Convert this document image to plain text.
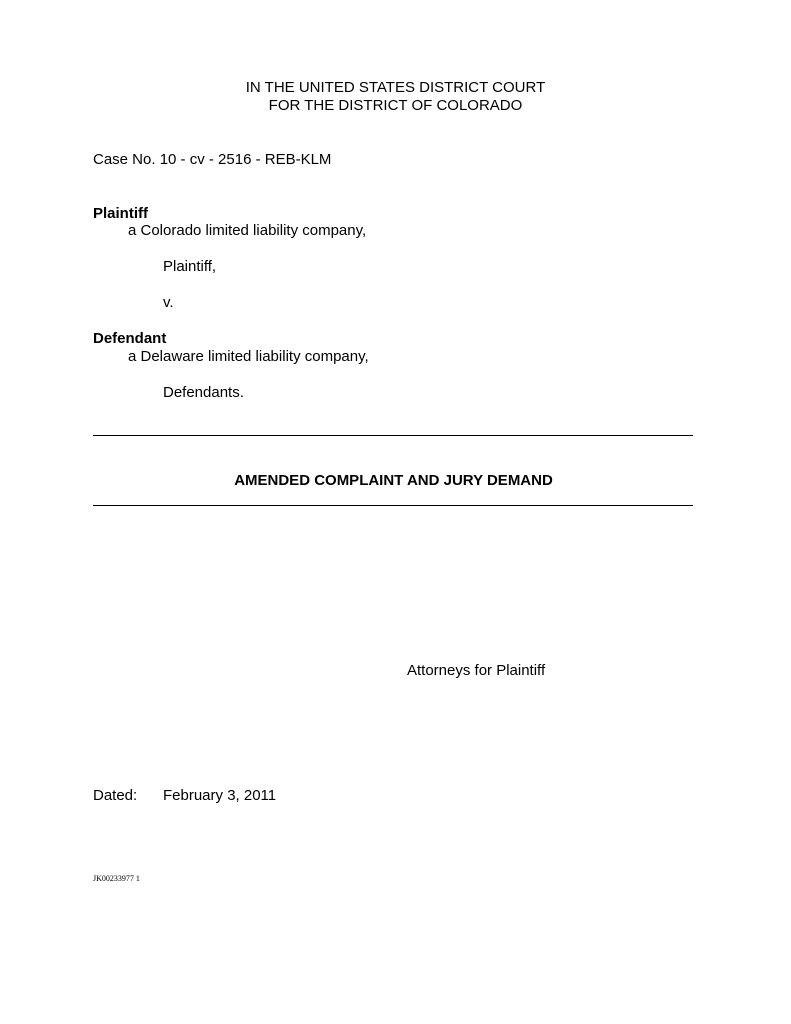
IN THE UNITED STATES DISTRICT COURT
FOR THE DISTRICT OF COLORADO
Case No. 10 - cv - 2516 - REB-KLM
Plaintiff
a Colorado limited liability company,
Plaintiff,
v.
Defendant
a Delaware limited liability company,
Defendants.
AMENDED COMPLAINT AND JURY DEMAND
Attorneys for Plaintiff
Dated: February 3, 2011
JK00233977 1
